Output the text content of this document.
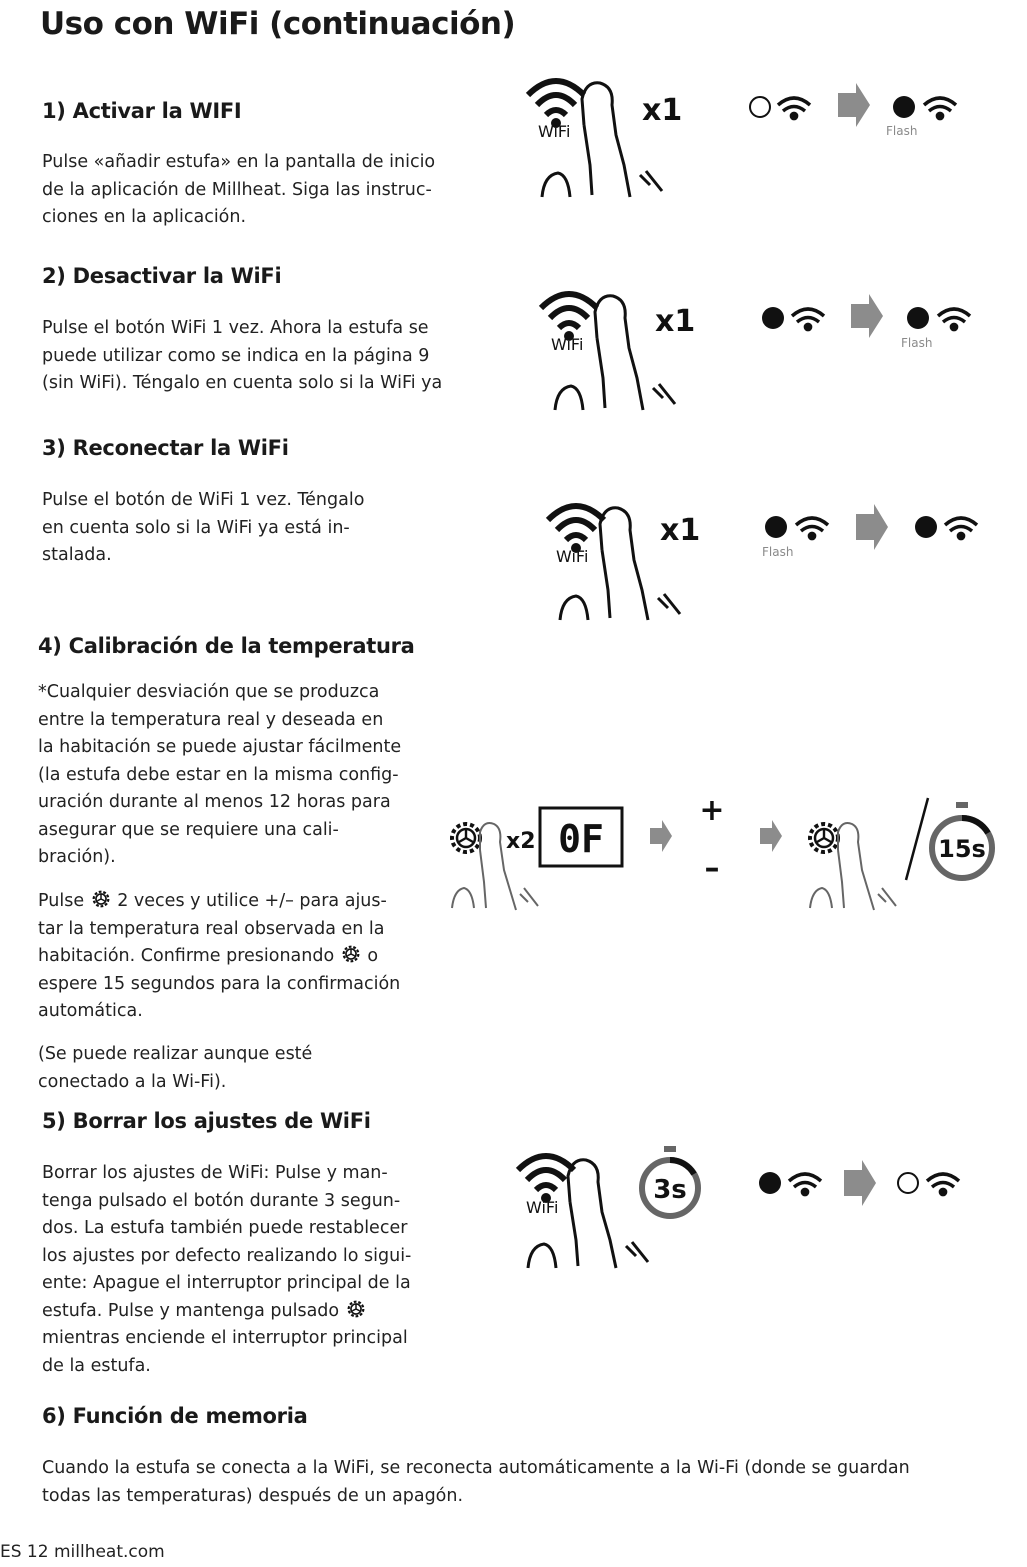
Uso con WiFi (continuación)
1) Activar la WIFI
Pulse «añadir estufa» en la pantalla de inicio
de la aplicación de Millheat. Siga las instruc-
ciones en la aplicación.
WiFi
x1
Flash
2) Desactivar la WiFi
Pulse el botón WiFi 1 vez. Ahora la estufa se
puede utilizar como se indica en la página 9
(sin WiFi). Téngalo en cuenta solo si la WiFi ya
WiFi
x1
Flash
3) Reconectar la WiFi
Pulse el botón de WiFi 1 vez. Téngalo
en cuenta solo si la WiFi ya está in-
stalada.	WiFi
x1
Flash
4) Calibración de la temperatura
*Cualquier desviación que se produzca
entre la temperatura real y deseada en
la habitación se puede ajustar fácilmente
(la estufa debe estar en la misma config-
uración durante al menos 12 horas para
asegurar que se requiere una cali-
bración).
Pulse  2 veces y utilice +/– para ajus-
tar la temperatura real observada en la
habitación. Confirme presionando  o
espere 15 segundos para la confirmación
automática.
(Se puede realizar aunque esté
conectado a la Wi-Fi).
x2 0F
+
–
15s
5) Borrar los ajustes de WiFi
Borrar los ajustes de WiFi: Pulse y man-
tenga pulsado el botón durante 3 segun-
dos. La estufa también puede restablecer
los ajustes por defecto realizando lo sigui-
ente: Apague el interruptor principal de la
estufa. Pulse y mantenga pulsado
mientras enciende el interruptor principal
de la estufa.
WiFi
3s
6) Función de memoria
Cuando la estufa se conecta a la WiFi, se reconecta automáticamente a la Wi-Fi (donde se guardan
todas las temperaturas) después de un apagón.
ES 12 millheat.com
